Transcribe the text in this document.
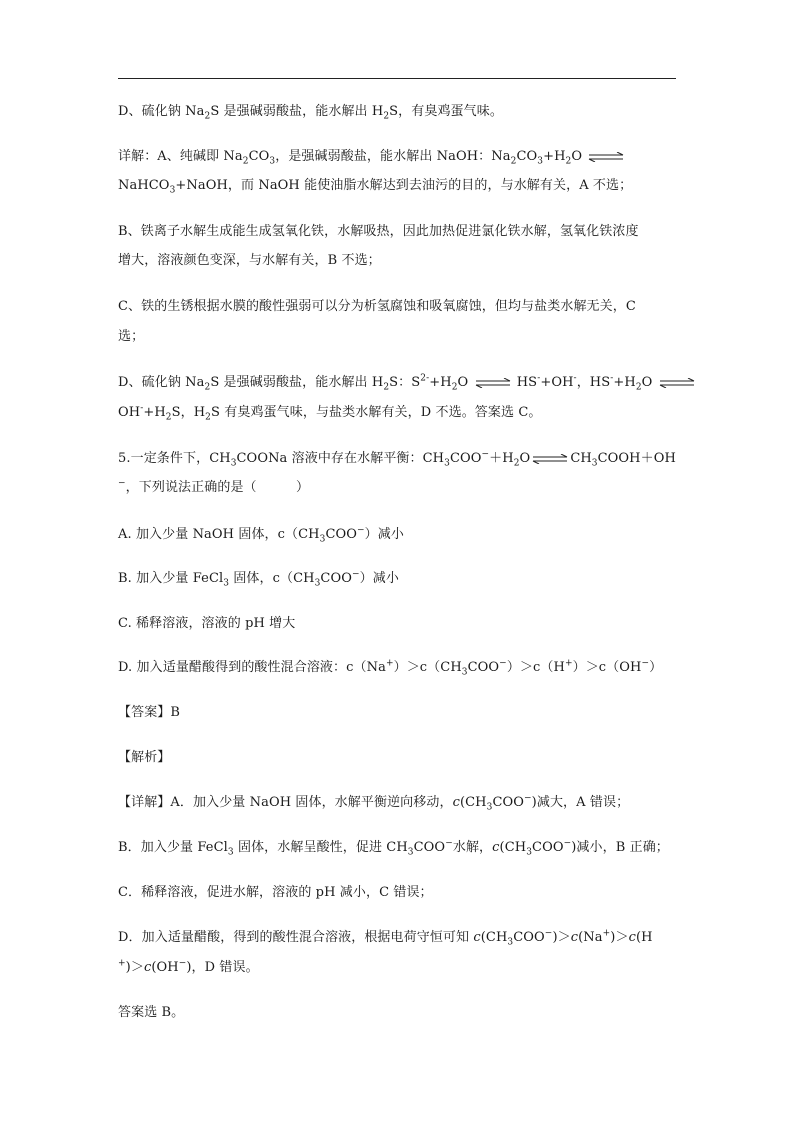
D、硫化钠 $Na_2S$ 是强碱弱酸盐，能水解出 $H_2S$，有臭鸡蛋气味。
详解：A、纯碱即 $Na_2CO_3$，是强碱弱酸盐，能水解出 NaOH：$Na_2CO_3+H_2O$ ⇌
NaHCO$_3$+NaOH，而 NaOH 能使油脂水解达到去油污的目的，与水解有关，A 不选；
B、铁离子水解生成能生成氢氧化铁，水解吸热，因此加热促进氯化铁水解，氢氧化铁浓度
增大，溶液颜色变深，与水解有关，B 不选；
C、铁的生锈根据水膜的酸性强弱可以分为析氢腐蚀和吸氧腐蚀，但均与盐类水解无关，C
选；
D、硫化钠 $Na_2S$ 是强碱弱酸盐，能水解出 $H_2S$：$S^{2-}+H_2O$ ⇌ HS-+OH-，$HS^-+H_2O$ ⇌
$OH^-+H_2S$，$H_2S$ 有臭鸡蛋气味，与盐类水解有关，D 不选。答案选 C。
5.一定条件下，$CH_3COONa$ 溶液中存在水解平衡：$CH_3COO^-+H_2O$ ⇌ $CH_3COOH+OH$
−，下列说法正确的是（　　　）
A. 加入少量 NaOH 固体，$c(CH_3COO^-)$减小
B. 加入少量 FeCl$_3$ 固体，$c(CH_3COO^-)$减小
C. 稀释溶液，溶液的 pH 增大
D. 加入适量醋酸得到的酸性混合溶液：$c(Na^+)>c(CH_3COO^-)>c(H^+)>c(OH^-)$
【答案】B
【解析】
【详解】A．加入少量 NaOH 固体，水解平衡逆向移动，$c(CH_3COO^-)$减大，A 错误；
B．加入少量 FeCl$_3$ 固体，水解呈酸性，促进 $CH_3COO^-$水解，$c(CH_3COO^-)$减小，B 正确；
C．稀释溶液，促进水解，溶液的 pH 减小，C 错误；
D．加入适量醋酸，得到的酸性混合溶液，根据电荷守恒可知 $c(CH_3COO^-)>c(Na^+)>c(H$
+)＞c(OH−)，D 错误。
答案选 B。
